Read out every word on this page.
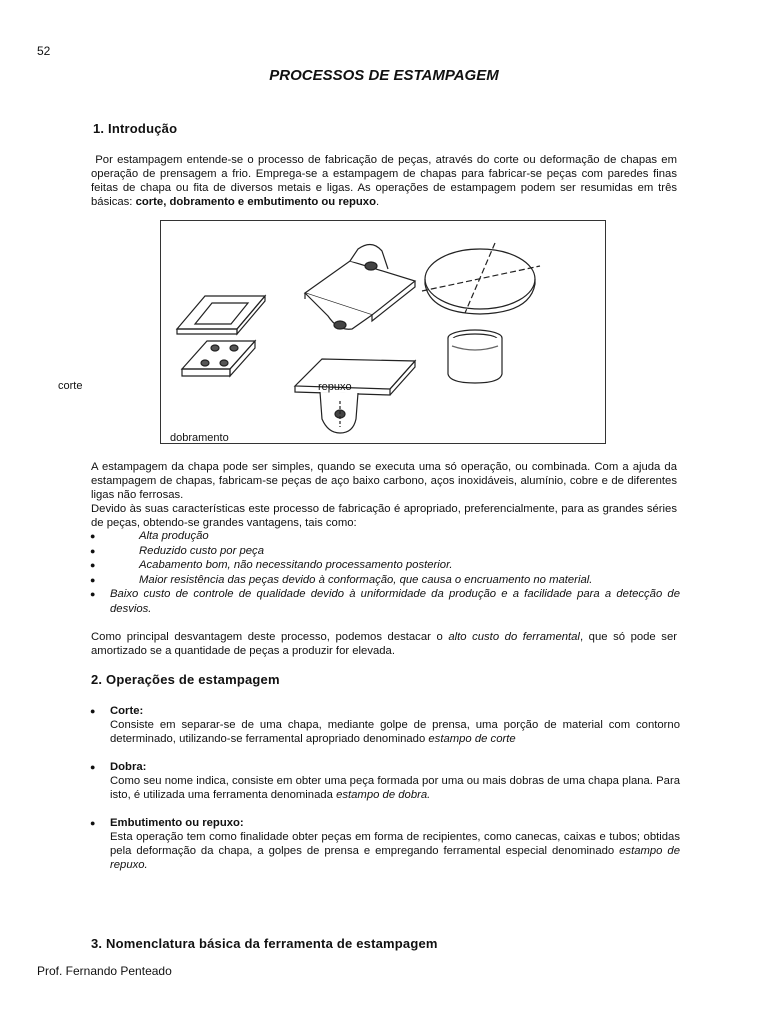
52
PROCESSOS DE ESTAMPAGEM
1. Introdução
Por estampagem entende-se o processo de fabricação de peças, através do corte ou deformação de chapas em operação de prensagem a frio. Emprega-se a estampagem de chapas para fabricar-se peças com paredes finas feitas de chapa ou fita de diversos metais e ligas. As operações de estampagem podem ser resumidas em três básicas: corte, dobramento e embutimento ou repuxo.
repuxo
dobramento
corte
A estampagem da chapa pode ser simples, quando se executa uma só operação, ou combinada. Com a ajuda da estampagem de chapas, fabricam-se peças de aço baixo carbono, aços inoxidáveis, alumínio, cobre e de diferentes ligas não ferrosas.
Devido às suas características este processo de fabricação é apropriado, preferencialmente, para as grandes séries de peças, obtendo-se grandes vantagens, tais como:
●	Alta produção
●	Reduzido custo por peça
●	Acabamento bom, não necessitando processamento posterior.
●	Maior resistência das peças devido à conformação, que causa o encruamento no material.
● Baixo custo de controle de qualidade devido à uniformidade da produção e a facilidade para a detecção de desvios.
Como principal desvantagem deste processo, podemos destacar o alto custo do ferramental, que só pode ser amortizado se a quantidade de peças a produzir for elevada.
2. Operações de estampagem
● Corte:
Consiste em separar-se de uma chapa, mediante golpe de prensa, uma porção de material com contorno determinado, utilizando-se ferramental apropriado denominado estampo de corte
● Dobra:
Como seu nome indica, consiste em obter uma peça formada por uma ou mais dobras de uma chapa plana. Para isto, é utilizada uma ferramenta denominada estampo de dobra.
● Embutimento ou repuxo:
Esta operação tem como finalidade obter peças em forma de recipientes, como canecas, caixas e tubos; obtidas pela deformação da chapa, a golpes de prensa e empregando ferramental especial denominado estampo de repuxo.
3. Nomenclatura básica da ferramenta de estampagem
Prof. Fernando Penteado
